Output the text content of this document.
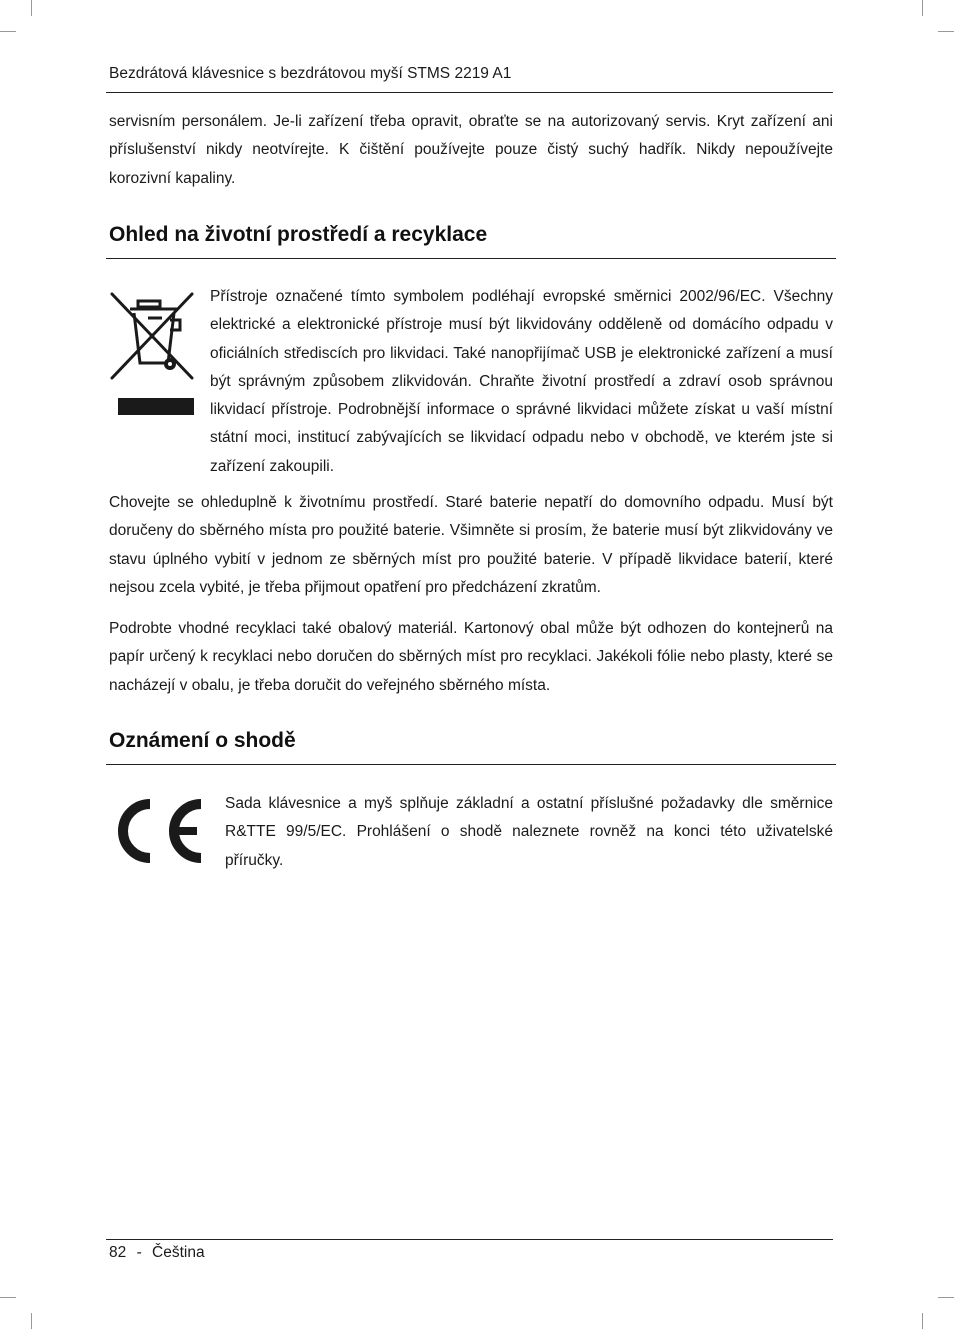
Bezdrátová klávesnice s bezdrátovou myší STMS 2219 A1

servisním personálem. Je-li zařízení třeba opravit, obraťte se na autorizovaný servis. Kryt zařízení ani příslušenství nikdy neotvírejte. K čištění používejte pouze čistý suchý hadřík. Nikdy nepoužívejte korozivní kapaliny.

Ohled na životní prostředí a recyklace

Přístroje označené tímto symbolem podléhají evropské směrnici 2002/96/EC. Všechny elektrické a elektronické přístroje musí být likvidovány odděleně od domácího odpadu v oficiálních střediscích pro likvidaci. Také nanopřijímač USB je elektronické zařízení a musí být správným způsobem zlikvidován. Chraňte životní prostředí a zdraví osob správnou likvidací přístroje. Podrobnější informace o správné likvidaci můžete získat u vaší místní státní moci, institucí zabývajících se likvidací odpadu nebo v obchodě, ve kterém jste si zařízení zakoupili.

Chovejte se ohleduplně k životnímu prostředí. Staré baterie nepatří do domovního odpadu. Musí být doručeny do sběrného místa pro použité baterie. Všimněte si prosím, že baterie musí být zlikvidovány ve stavu úplného vybití v jednom ze sběrných míst pro použité baterie. V případě likvidace baterií, které nejsou zcela vybité, je třeba přijmout opatření pro předcházení zkratům.

Podrobte vhodné recyklaci také obalový materiál. Kartonový obal může být odhozen do kontejnerů na papír určený k recyklaci nebo doručen do sběrných míst pro recyklaci. Jakékoli fólie nebo plasty, které se nacházejí v obalu, je třeba doručit do veřejného sběrného místa.

Oznámení o shodě

Sada klávesnice a myš splňuje základní a ostatní příslušné požadavky dle směrnice R&TTE 99/5/EC. Prohlášení o shodě naleznete rovněž na konci této uživatelské příručky.

82 - Čeština
